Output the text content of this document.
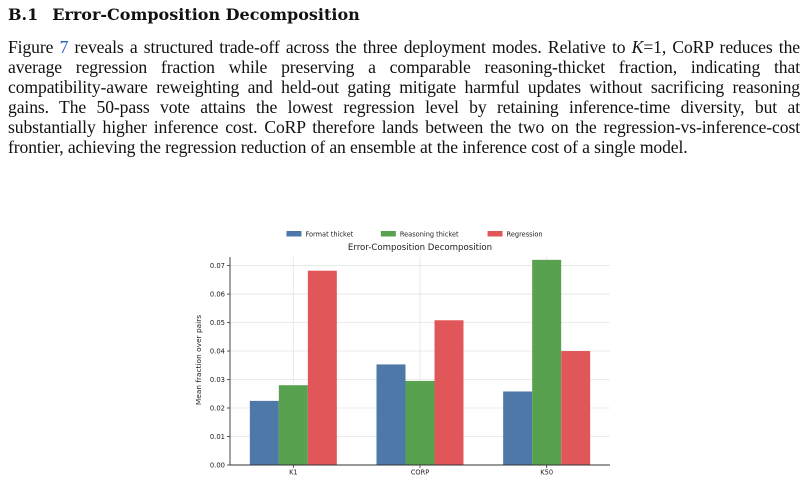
B.1 Error-Composition Decomposition

Figure 7 reveals a structured trade-off across the three deployment modes. Relative to K=1, CoRP reduces the average regression fraction while preserving a comparable reasoning-thicket fraction, indicating that compatibility-aware reweighting and held-out gating mitigate harmful updates without sacrificing reasoning gains. The 50-pass vote attains the lowest regression level by retaining inference-time diversity, but at substantially higher inference cost. CoRP therefore lands between the two on the regression-vs-inference-cost frontier, achieving the regression reduction of an ensemble at the inference cost of a single model.

Format thicket	Reasoning thicket	Regression
Error-Composition Decomposition
0.00
0.01
0.02
0.03
0.04
0.05
0.06
0.07
K1	CORP	K50
Mean fraction over pairs
